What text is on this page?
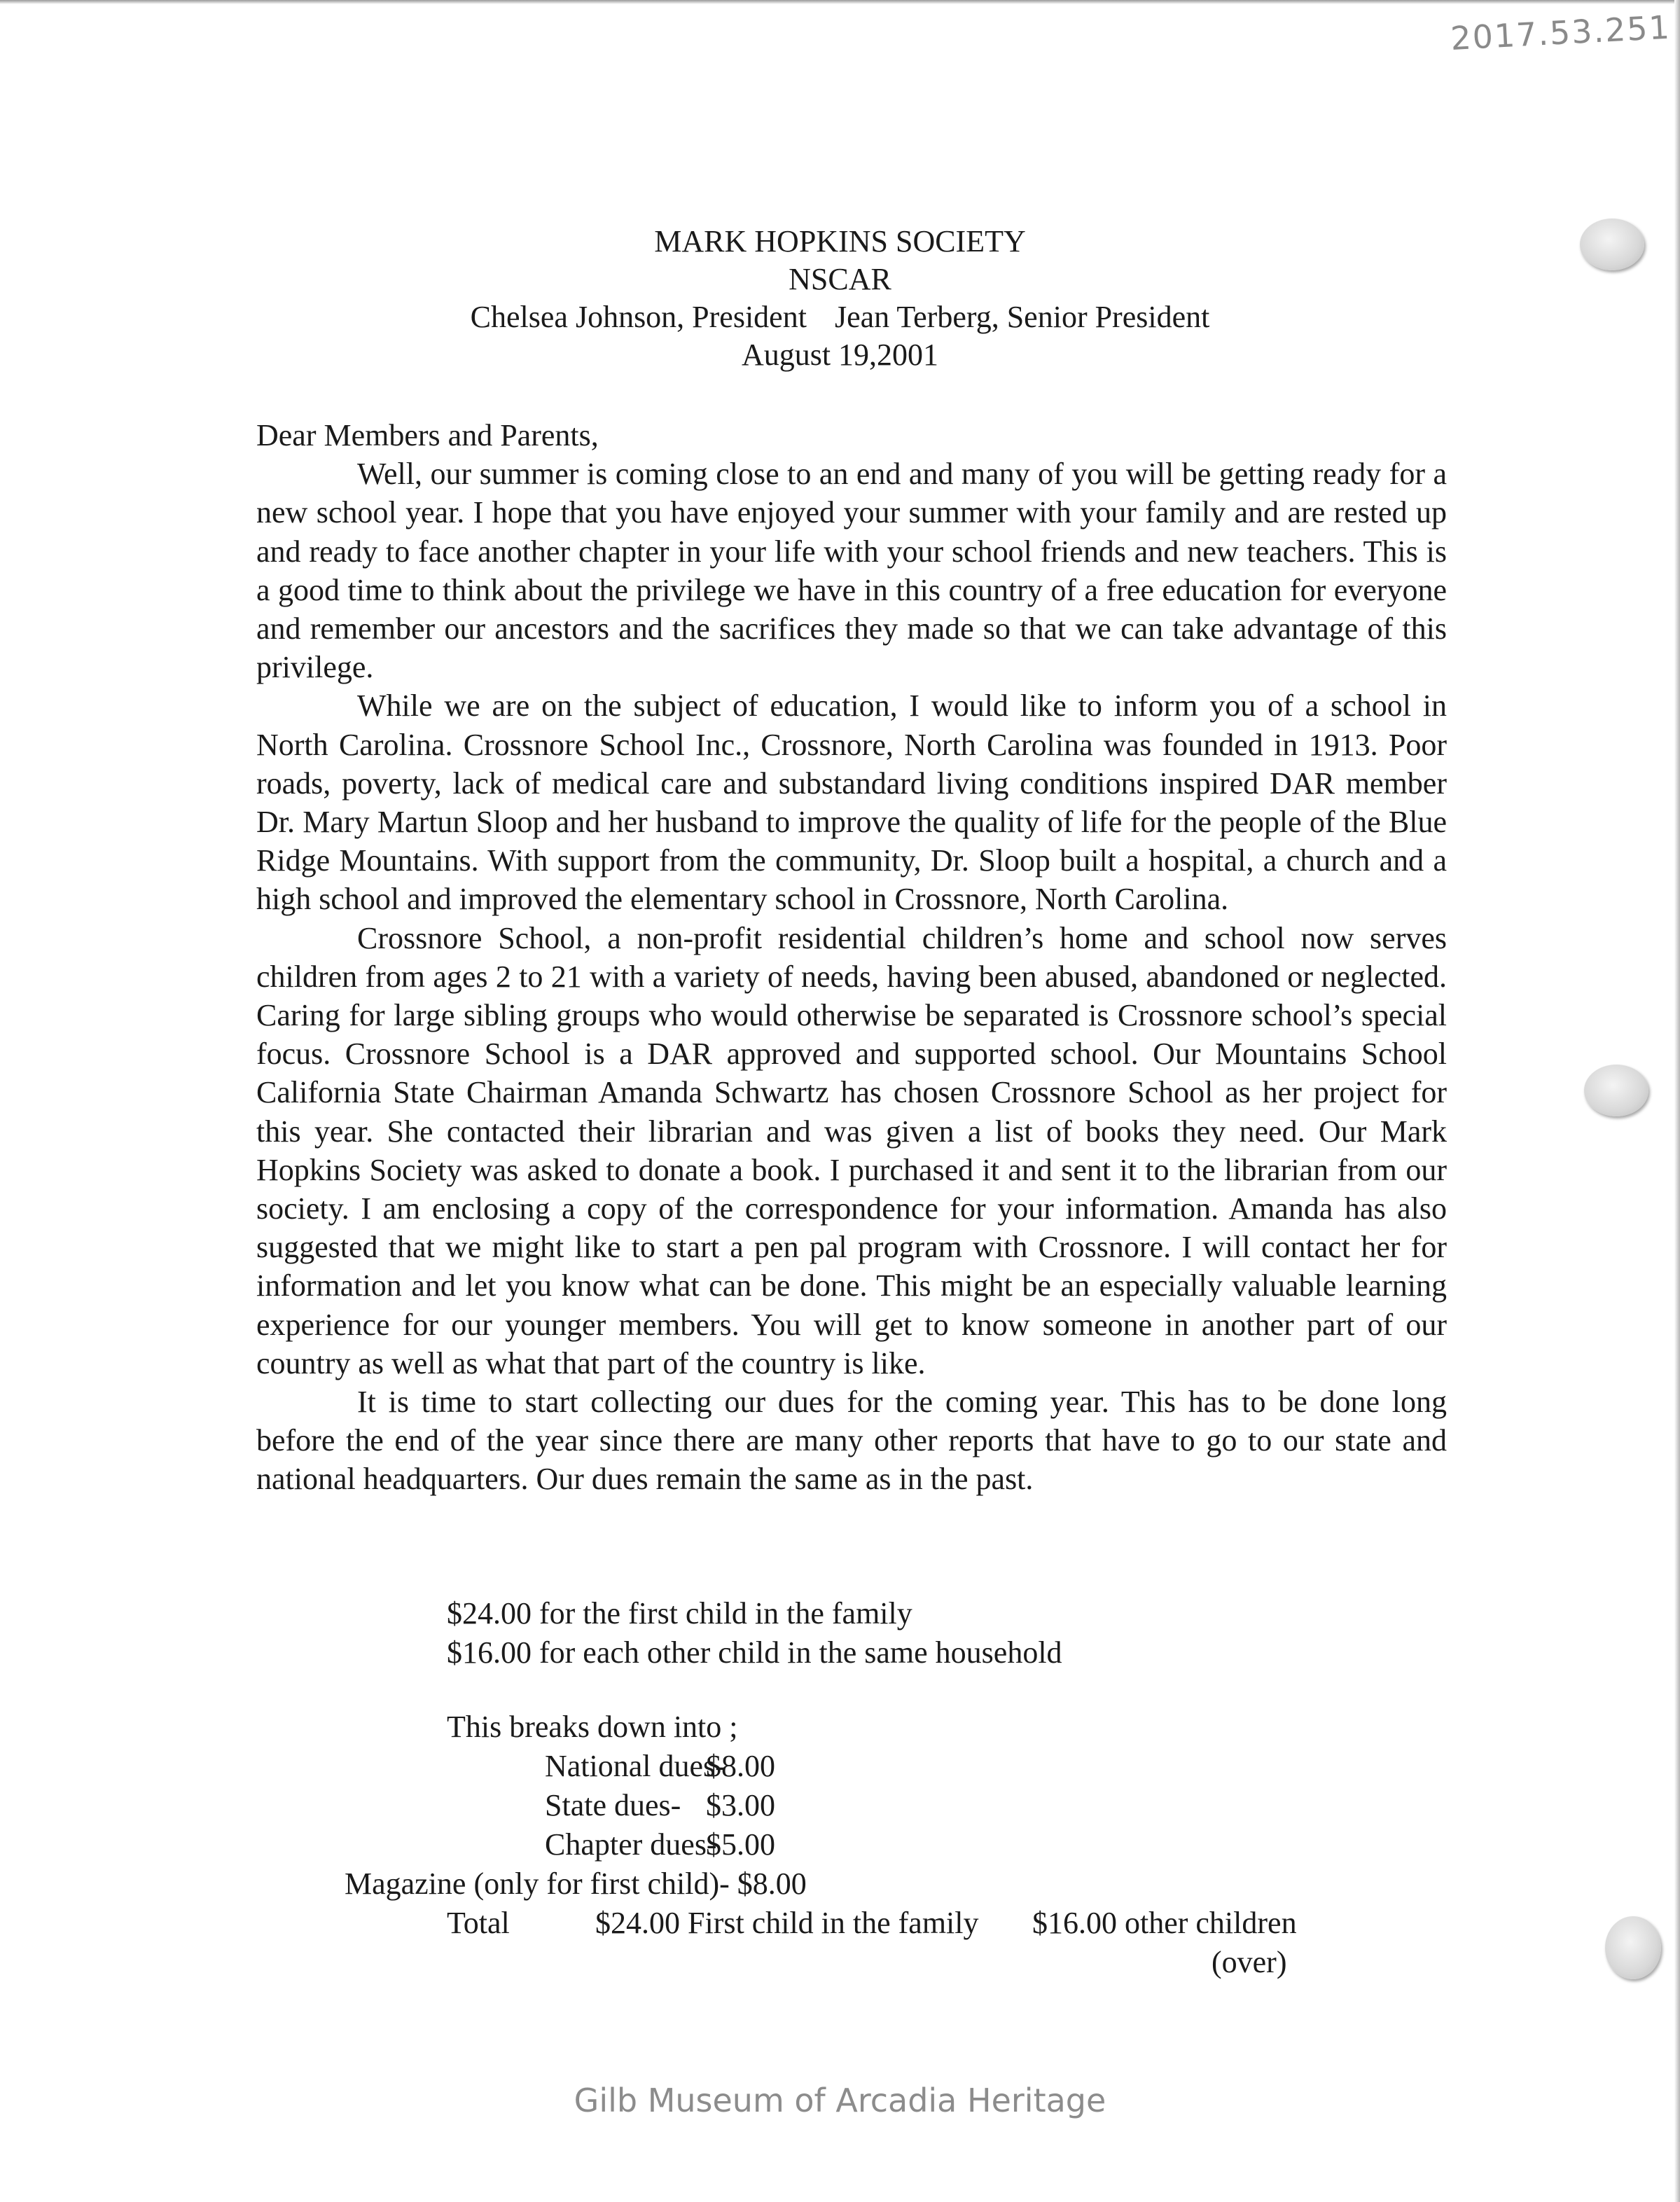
2017.53.251
MARK HOPKINS SOCIETY
NSCAR
Chelsea Johnson, President Jean Terberg, Senior President
August 19,2001

Dear Members and Parents,

Well, our summer is coming close to an end and many of you will be getting ready for a new school year. I hope that you have enjoyed your summer with your family and are rested up and ready to face another chapter in your life with your school friends and new teachers. This is a good time to think about the privilege we have in this country of a free education for everyone and remember our ancestors and the sacrifices they made so that we can take advantage of this privilege.

While we are on the subject of education, I would like to inform you of a school in North Carolina. Crossnore School Inc., Crossnore, North Carolina was founded in 1913. Poor roads, poverty, lack of medical care and substandard living conditions inspired DAR member Dr. Mary Martun Sloop and her husband to improve the quality of life for the people of the Blue Ridge Mountains. With support from the community, Dr. Sloop built a hospital, a church and a high school and improved the elementary school in Crossnore, North Carolina.

Crossnore School, a non-profit residential children’s home and school now serves children from ages 2 to 21 with a variety of needs, having been abused, abandoned or neglected. Caring for large sibling groups who would otherwise be separated is Crossnore school’s special focus. Crossnore School is a DAR approved and supported school. Our Mountains School California State Chairman Amanda Schwartz has chosen Crossnore School as her project for this year. She contacted their librarian and was given a list of books they need. Our Mark Hopkins Society was asked to donate a book. I purchased it and sent it to the librarian from our society. I am enclosing a copy of the correspondence for your information. Amanda has also suggested that we might like to start a pen pal program with Crossnore. I will contact her for information and let you know what can be done. This might be an especially valuable learning experience for our younger members. You will get to know someone in another part of our country as well as what that part of the country is like.

It is time to start collecting our dues for the coming year. This has to be done long before the end of the year since there are many other reports that have to go to our state and national headquarters. Our dues remain the same as in the past.

$24.00 for the first child in the family
$16.00 for each other child in the same household
This breaks down into ;
National dues-
$8.00
State dues- $3.00
Chapter dues-
$5.00
Magazine (only for first child)- $8.00
Total	$24.00 First child in the family $16.00 other children
(over)
Gilb Museum of Arcadia Heritage
